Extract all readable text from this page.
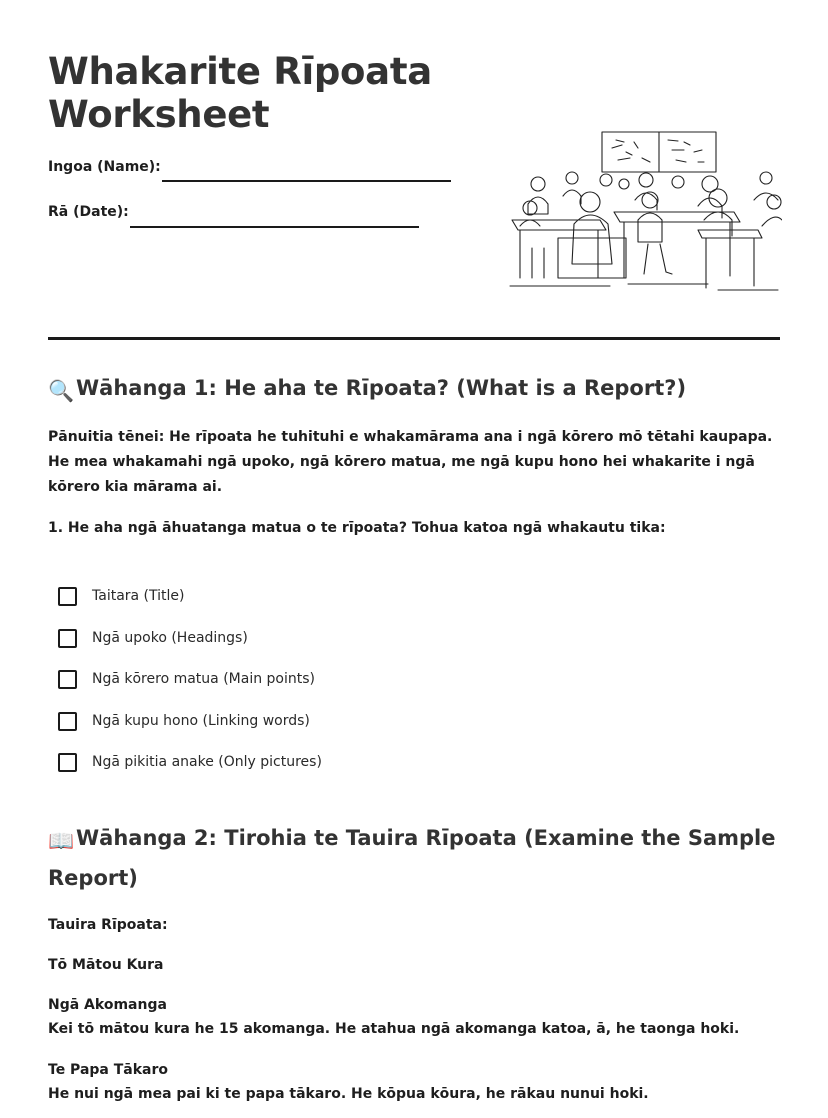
Whakarite Rīpoata
Worksheet
Ingoa (Name):
Rā (Date):
🔍Wāhanga 1: He aha te Rīpoata? (What is a Report?)
Pānuitia tēnei: He rīpoata he tuhituhi e whakamārama ana i ngā kōrero mō tētahi kaupapa. He mea whakamahi ngā upoko, ngā kōrero matua, me ngā kupu hono hei whakarite i ngā kōrero kia mārama ai.
1. He aha ngā āhuatanga matua o te rīpoata? Tohua katoa ngā whakautu tika:
Taitara (Title)
Ngā upoko (Headings)
Ngā kōrero matua (Main points)
Ngā kupu hono (Linking words)
Ngā pikitia anake (Only pictures)
📖Wāhanga 2: Tirohia te Tauira Rīpoata (Examine the Sample
Report)
Tauira Rīpoata:
Tō Mātou Kura
Ngā Akomanga
Kei tō mātou kura he 15 akomanga. He atahua ngā akomanga katoa, ā, he taonga hoki.
Te Papa Tākaro
He nui ngā mea pai ki te papa tākaro. He kōpua kōura, he rākau nunui hoki.
